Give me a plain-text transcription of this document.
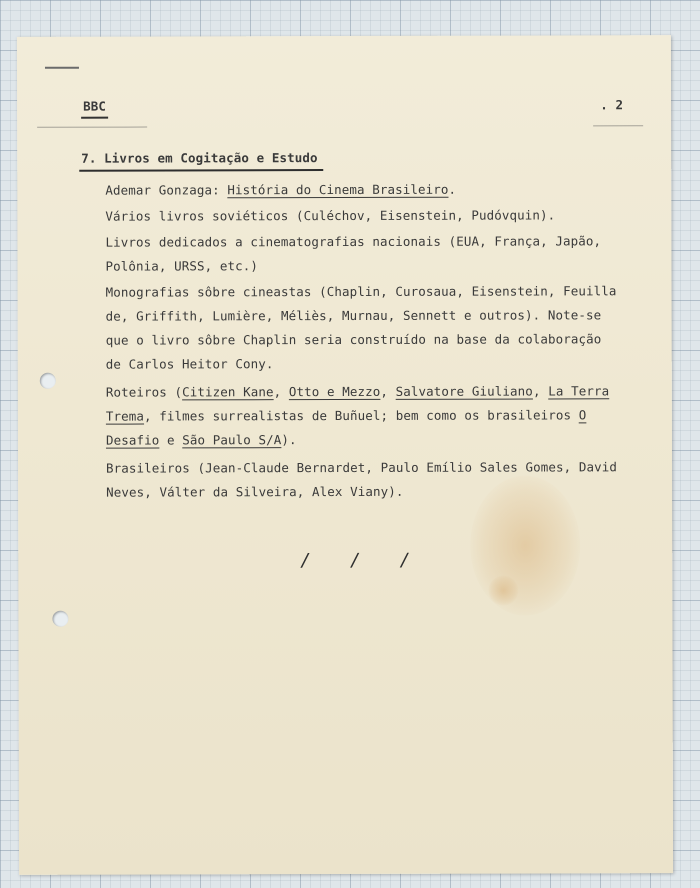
BBC	. 2
7. Livros em Cogitação e Estudo
Ademar Gonzaga: História do Cinema Brasileiro.
Vários livros soviéticos (Culéchov, Eisenstein, Pudóvquin).
Livros dedicados a cinematografias nacionais (EUA, França, Japão,
Polônia, URSS, etc.)
Monografias sôbre cineastas (Chaplin, Curosaua, Eisenstein, Feuilla
de, Griffith, Lumière, Méliès, Murnau, Sennett e outros). Note-se
que o livro sôbre Chaplin seria construído na base da colaboração
de Carlos Heitor Cony.
Roteiros (Citizen Kane, Otto e Mezzo, Salvatore Giuliano, La Terra
Trema, filmes surrealistas de Buñuel; bem como os brasileiros O
Desafio e São Paulo S/A).
Brasileiros (Jean-Claude Bernardet, Paulo Emílio Sales Gomes, David
Neves, Válter da Silveira, Alex Viany).
/ / /
